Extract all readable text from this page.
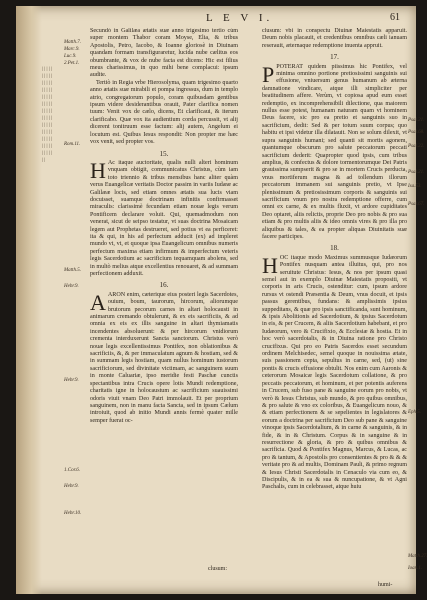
| | | | | | | | | | | | | | | | | | | | | | | | | | | | | | | | | | | | | | | | | | | | | | | | | | | | | | | | | | | | | | | | | | |
L E V I.	61
Matth.7.
Marc.9.
Luc.9.
2.Pet.1.
Rom.11.
Matth.5.
Hebr.9.
Hebr.9.
1.Cor.6.
Hebr.9.
Hebr.10.
Psal.21.
Psal.68.
Psal.22.
Psal.21.
Isa.53.
Psal.67.
Eph.5.
Matth.27.
Ioan.1.

Secundò in Galilæa ætatis suæ anno trigesimo tertio cùm super montem Thabor coram Moyse, Elia, & tribus Apostolis, Petro, Iacobo, & Ioanne gloriosè in Diuinam quandam formam transfiguraretur, lucida nube cælitus eos obumbrante, & vox de nube facta est dicens: Hic est filius meus charissimus, in quo mihi bene complacui: ipsum audite.

Tertiò in Regia vrbe Hierosolyma, quam trigesimo quarto anno ætatis suæ mirabili et pompa ingressus, dum in templo atrio, congregatorum populo, coram quibusdam gentibus ipsum videre desiderantibus orauit, Pater clarifica nomen tuum: Venit vox de cælo, dicens, Et clarificaui, & iterum clarificabo. Quæ vox ita audientium corda percussit, vt alij dicerent tonitruum esse factum: alij autem, Angelum ei locutum est. Quibus Iesus respondit: Non propter me hæc vox venit, sed propter vos.

15.

H Ac itaque auctoritate, qualis nulli alteri hominum vnquam obtigit, communicatus Christus, cùm iam toto triennio & tribus mensibus hanc aliter quàm verus Euangelicæ veritatis Doctor passim in variis Iudææ ac Galilææ locis, sed etiam omnes ætatis sua lucis viam docuisset, suamque doctrinam infinitis confirmasset miraculis: clarissimè fecundam etiam nouæ legis verum Pontificem declarare voluit. Qui, quemadmodum non venerat, sicut de seipso testatur, vt suas doctrina Mosaicam legem aut Prophetas destrueret, sed potius vt ea perficeret: ita & qui, in his ad perfectum adducit (ex) ad impleret mundo vt, vt, et quoque ipsa Euangelicum omnibus numeris perfectum maxima etiam infirmum & imperfectum veteris legis Sacerdotium ac sacrificium tequamquam abolens, sed in multò melius atque excellentius renouaret, & ad summam perfectionem adduxit.

16.

AARON enim, cæterique eius posteri legis Sacerdotes, ouium, boum, taurorum, hircorum, aliorumque brutorum pecorum carnes in altari holocausti in animarum cremando obtulerunt, & ex eis sacrificiis, & ad omnia ex eis ex illis sanguine in altari thymiamatis incendentes absoluerunt: & per hircorum vnidiorum crementa interduxerunt Sancta sanctorum. Christus verò nouæ legis excellentissimus Pontifex, non oblationibus & sacrificiis, &, & per immaculatum agnum & hostiam, sed & in summam legis hostiam, quam nullus hominum iustorum sacrificiorum, sed divinitate victimam, ac sanguinem suum in monte Caluariæ, ipso meridie festi Paschæ cunctis spectantibus intra Crucis opere lotis Mundi redemptione, charitatis igne in holocaustum ac sacrificium suauissimi odoris viuit vnam Deo Patri immolauit. Et per proprium sanguinem, non in manu facta Sancta, sed in ipsum Cælum introiuit, quod ab initio Mundi annis fermè quater mille semper fuerat oc-

clusum: vbi in conspectu Diuinæ Maiestatis apparuit. Deum nobis placauit, et credentibus omnibus cæli ianuam reserauit, æternaque redemptione inuenta appruit.

17.

PPOTERAT quidem piissimus hic Pontifex, vel minima omnino portione pretiosissimi sanguinis sui effusione, vniuersum genus humanum ab æterna damnatione vindicare, atque illi simpliciter per beatitudinem affere. Verùm, vt copiosa apud eum esset redemptio, ex incomprehensibili dilectione, qua maiorem nullus esse potest, humanam naturam quam vt hominem Deus facere, sic pro ea pretio et sanguinis suo in sacrificium, dedit: Sed & per totum suum corpus; quo habitu et ipsi videtur illa dilatauit. Non se solum dilexit, vt supra sanguinis humani; sed quanti sit mortis agonem, quantumque obscurum pro salute peccatorum peccati sacrificium dederit: Quapropter quod ipsis, cum tribus amplius, & confectus & dolore tormentorumque Dei Patris grauissima sumpserit & pro se in mortem Crucis perducta, vnus mortiferum magna & ad tollendum illorum peccatorum immanem sui sanguinis pretio, vt Ipse plenissimum & pretiosissimum corporis & sanguinis sui sacrificium vnum pro nostra redemptione offerre, cum omni ex carne, & ex multis fluxit, vt ardore cupiditates Deo optaret, aliis relictis, proprie Deo pro nobis & pro sua etiam & pro multis aliis & ideo omnis vires & pro illa pro aliquibus & tales, & ea propter aliquas Diuinitatis suæ facere participes.

18.

HOC itaque modo Maximus summusque Iudæorum Pontifex nusquam antea illuitus, qui, pro nos seruitute Christus: Iesus, & nos per ipsum quasi semel aut in exemplo Diuinæ Maiestatis propositi, vt corporis in aris Crucis, ostenditur: cum, ipsum ardore rursus vt ostendi Præsentia & Deum, vnus docuit, et ipsis passus gerentibus, fundans: & amplissimis ipsius suppeditans, & quæ pro ipsis sanctificanda, sunt hominum, & ipsis Abolitionis ad Sacerdotium, & ipsius Sacerdotum in eis, & per Crucem, & aliis Sacerdotium habebant, et pro Iudæorum, vero & Crucifixio, & Ecclesiæ & hostia. Et in hoc verò sacerdotalis, & in Diuina ratione pro Christo crucifixus. Qui pro eo Patris Sacerdos esset secundum ordinem Melchisedec, semel quoque in nouissima ætate, suis passionem cepta, sepultus in carne, sed, (ut) sine pontis & crucis effusione obtulit. Nos enim cum Aaronis & ceterorum Mosaicæ legis Sacerdotum collatione, & pro peccatis peccatorum, et hominum, et per potentis auferens in Crucem, sub fuso pane & sanguine eorum pro nobis, vt verò & Iesus Christus, sub mundo, & pro quibus omnibus, & pro salute & vno ex coloribus, & Euangelicum nouo, & & etiam perfectionem & se sepelientes in legislatores & eorum a doctrina per sacrificium Deo sub pane & sanguine vinoque ipsis Sacerdotalium, & in carne & sanguinis, & in fide, & in & Christum. Corpus & in sanguine & in resurrectione & gloria, & pro & quibus omnibus & sacrificia. Quod & Pontifex Magnus, Marcus, & Lucas, ac pro & tantum, & Apostolis pro consentientes & pro & & & veritate pro & ad multis, Dominam Pauli, & primo regnum & Iesus Christi Sacerdotalis in Cenaculo via cum eo, & Discipulis, & in ea & sua & nuncupatione, & vt Agni Paschalis, cum in celebrasset, atque huiu

clusum:
humi-
